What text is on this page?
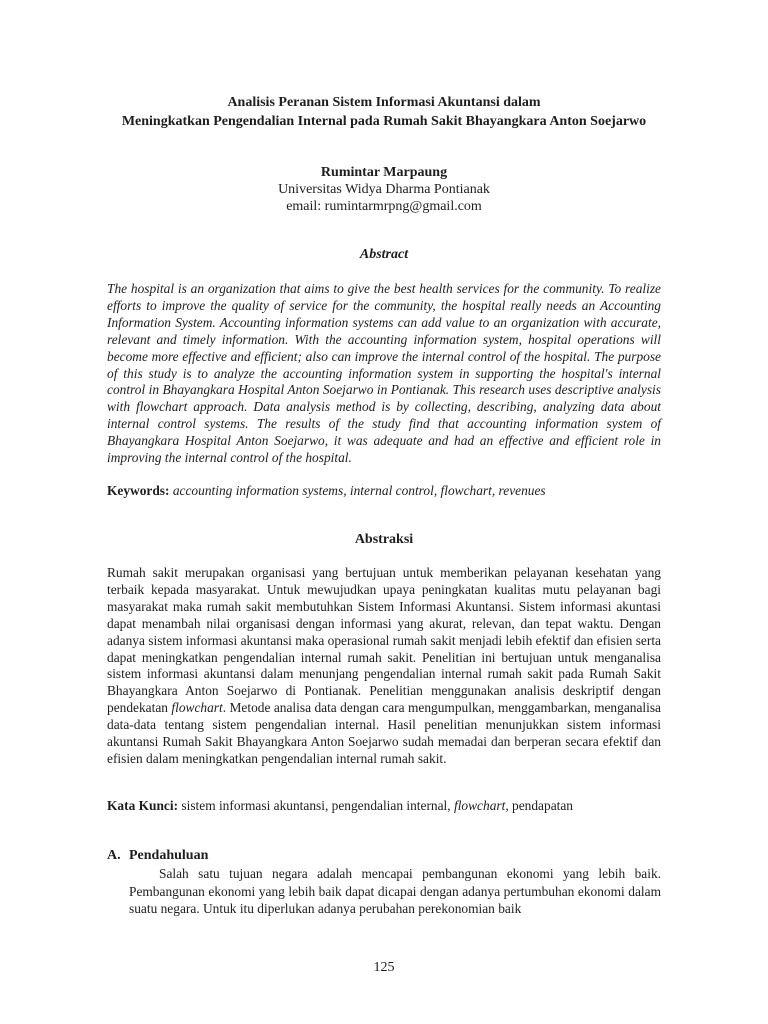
Analisis Peranan Sistem Informasi Akuntansi dalam
Meningkatkan Pengendalian Internal pada Rumah Sakit Bhayangkara Anton Soejarwo
Rumintar Marpaung
Universitas Widya Dharma Pontianak
email: rumintarmrpng@gmail.com
Abstract

The hospital is an organization that aims to give the best health services for the community. To realize efforts to improve the quality of service for the community, the hospital really needs an Accounting Information System. Accounting information systems can add value to an organization with accurate, relevant and timely information. With the accounting information system, hospital operations will become more effective and efficient; also can improve the internal control of the hospital. The purpose of this study is to analyze the accounting information system in supporting the hospital's internal control in Bhayangkara Hospital Anton Soejarwo in Pontianak. This research uses descriptive analysis with flowchart approach. Data analysis method is by collecting, describing, analyzing data about internal control systems. The results of the study find that accounting information system of Bhayangkara Hospital Anton Soejarwo, it was adequate and had an effective and efficient role in improving the internal control of the hospital.

Keywords: accounting information systems, internal control, flowchart, revenues

Abstraksi

Rumah sakit merupakan organisasi yang bertujuan untuk memberikan pelayanan kesehatan yang terbaik kepada masyarakat. Untuk mewujudkan upaya peningkatan kualitas mutu pelayanan bagi masyarakat maka rumah sakit membutuhkan Sistem Informasi Akuntansi. Sistem informasi akuntasi dapat menambah nilai organisasi dengan informasi yang akurat, relevan, dan tepat waktu. Dengan adanya sistem informasi akuntansi maka operasional rumah sakit menjadi lebih efektif dan efisien serta dapat meningkatkan pengendalian internal rumah sakit. Penelitian ini bertujuan untuk menganalisa sistem informasi akuntansi dalam menunjang pengendalian internal rumah sakit pada Rumah Sakit Bhayangkara Anton Soejarwo di Pontianak. Penelitian menggunakan analisis deskriptif dengan pendekatan flowchart. Metode analisa data dengan cara mengumpulkan, menggambarkan, menganalisa data-data tentang sistem pengendalian internal. Hasil penelitian menunjukkan sistem informasi akuntansi Rumah Sakit Bhayangkara Anton Soejarwo sudah memadai dan berperan secara efektif dan efisien dalam meningkatkan pengendalian internal rumah sakit.

Kata Kunci: sistem informasi akuntansi, pengendalian internal, flowchart, pendapatan

A. Pendahuluan

Salah satu tujuan negara adalah mencapai pembangunan ekonomi yang lebih baik. Pembangunan ekonomi yang lebih baik dapat dicapai dengan adanya pertumbuhan ekonomi dalam suatu negara. Untuk itu diperlukan adanya perubahan perekonomian baik

125
